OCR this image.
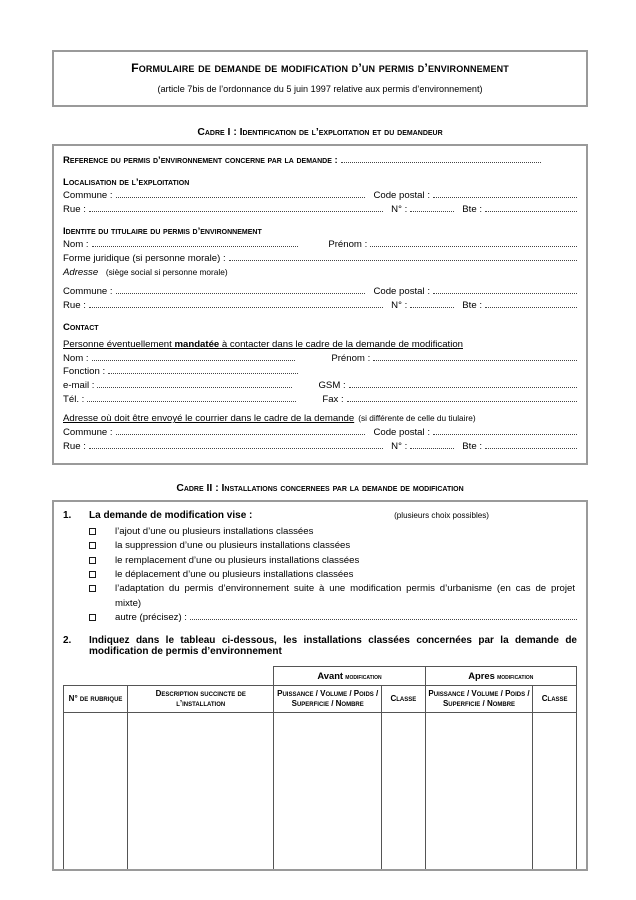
Formulaire de demande de modification d’un permis d’environnement
(article 7bis de l’ordonnance du 5 juin 1997 relative aux permis d’environnement)
Cadre I : Identification de l’exploitation et du demandeur
Reference du permis d’environnement concerne par la demande :
Localisation de l’exploitation
Commune :	Code postal :
Rue :	N° :	Bte :
Identite du titulaire du permis d’environnement
Nom :	Prénom :
Forme juridique (si personne morale) :
Adresse (siège social si personne morale)
Commune :	Code postal :
Rue :	N° :	Bte :
Contact
Personne éventuellement mandatée à contacter dans le cadre de la demande de modification
Nom :	Prénom :
Fonction :
e-mail :	GSM :
Tél. :	Fax :
Adresse où doit être envoyé le courrier dans le cadre de la demande (si différente de celle du tiulaire)
Commune :	Code postal :
Rue :	N° :	Bte :
Cadre II : Installations concernees par la demande de modification
1.	La demande de modification vise :	(plusieurs choix possibles)
l’ajout d’une ou plusieurs installations classées
la suppression d’une ou plusieurs installations classées
le remplacement d’une ou plusieurs installations classées
le déplacement d’une ou plusieurs installations classées
l’adaptation du permis d’environnement suite à une modification permis d’urbanisme (en cas de projet mixte)
autre (précisez) :
2.	Indiquez dans le tableau ci-dessous, les installations classées concernées par la demande de modification de permis d’environnement
		Avant modification		Apres modification	
N° de rubrique	Description succincte de l’installation	Puissance / Volume / Poids / Superficie / Nombre	Classe	Puissance / Volume / Poids / Superficie / Nombre	Classe
